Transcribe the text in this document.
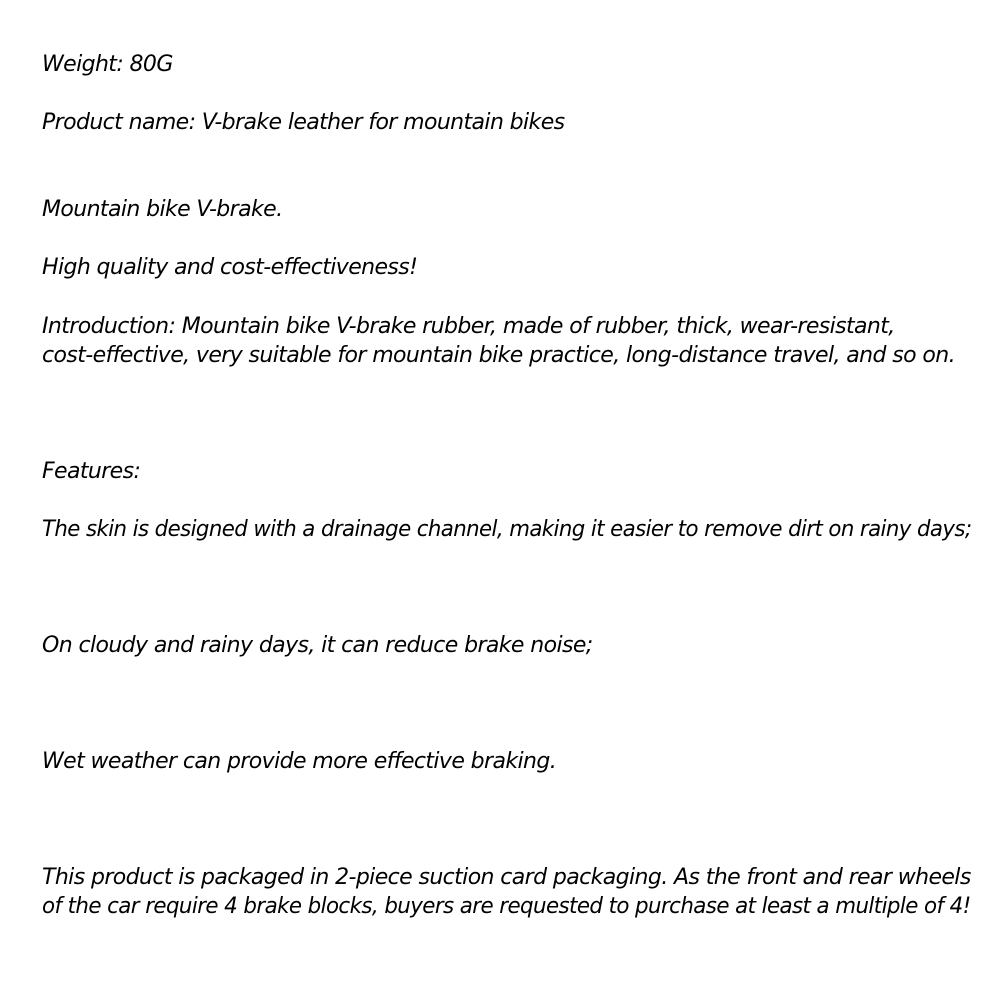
Weight: 80G

Product name: V-brake leather for mountain bikes

Mountain bike V-brake.

High quality and cost-effectiveness!

Introduction: Mountain bike V-brake rubber, made of rubber, thick, wear-resistant,
cost-effective, very suitable for mountain bike practice, long-distance travel, and so on.

Features:

The skin is designed with a drainage channel, making it easier to remove dirt on rainy days;

On cloudy and rainy days, it can reduce brake noise;

Wet weather can provide more effective braking.

This product is packaged in 2-piece suction card packaging. As the front and rear wheels
of the car require 4 brake blocks, buyers are requested to purchase at least a multiple of 4!
